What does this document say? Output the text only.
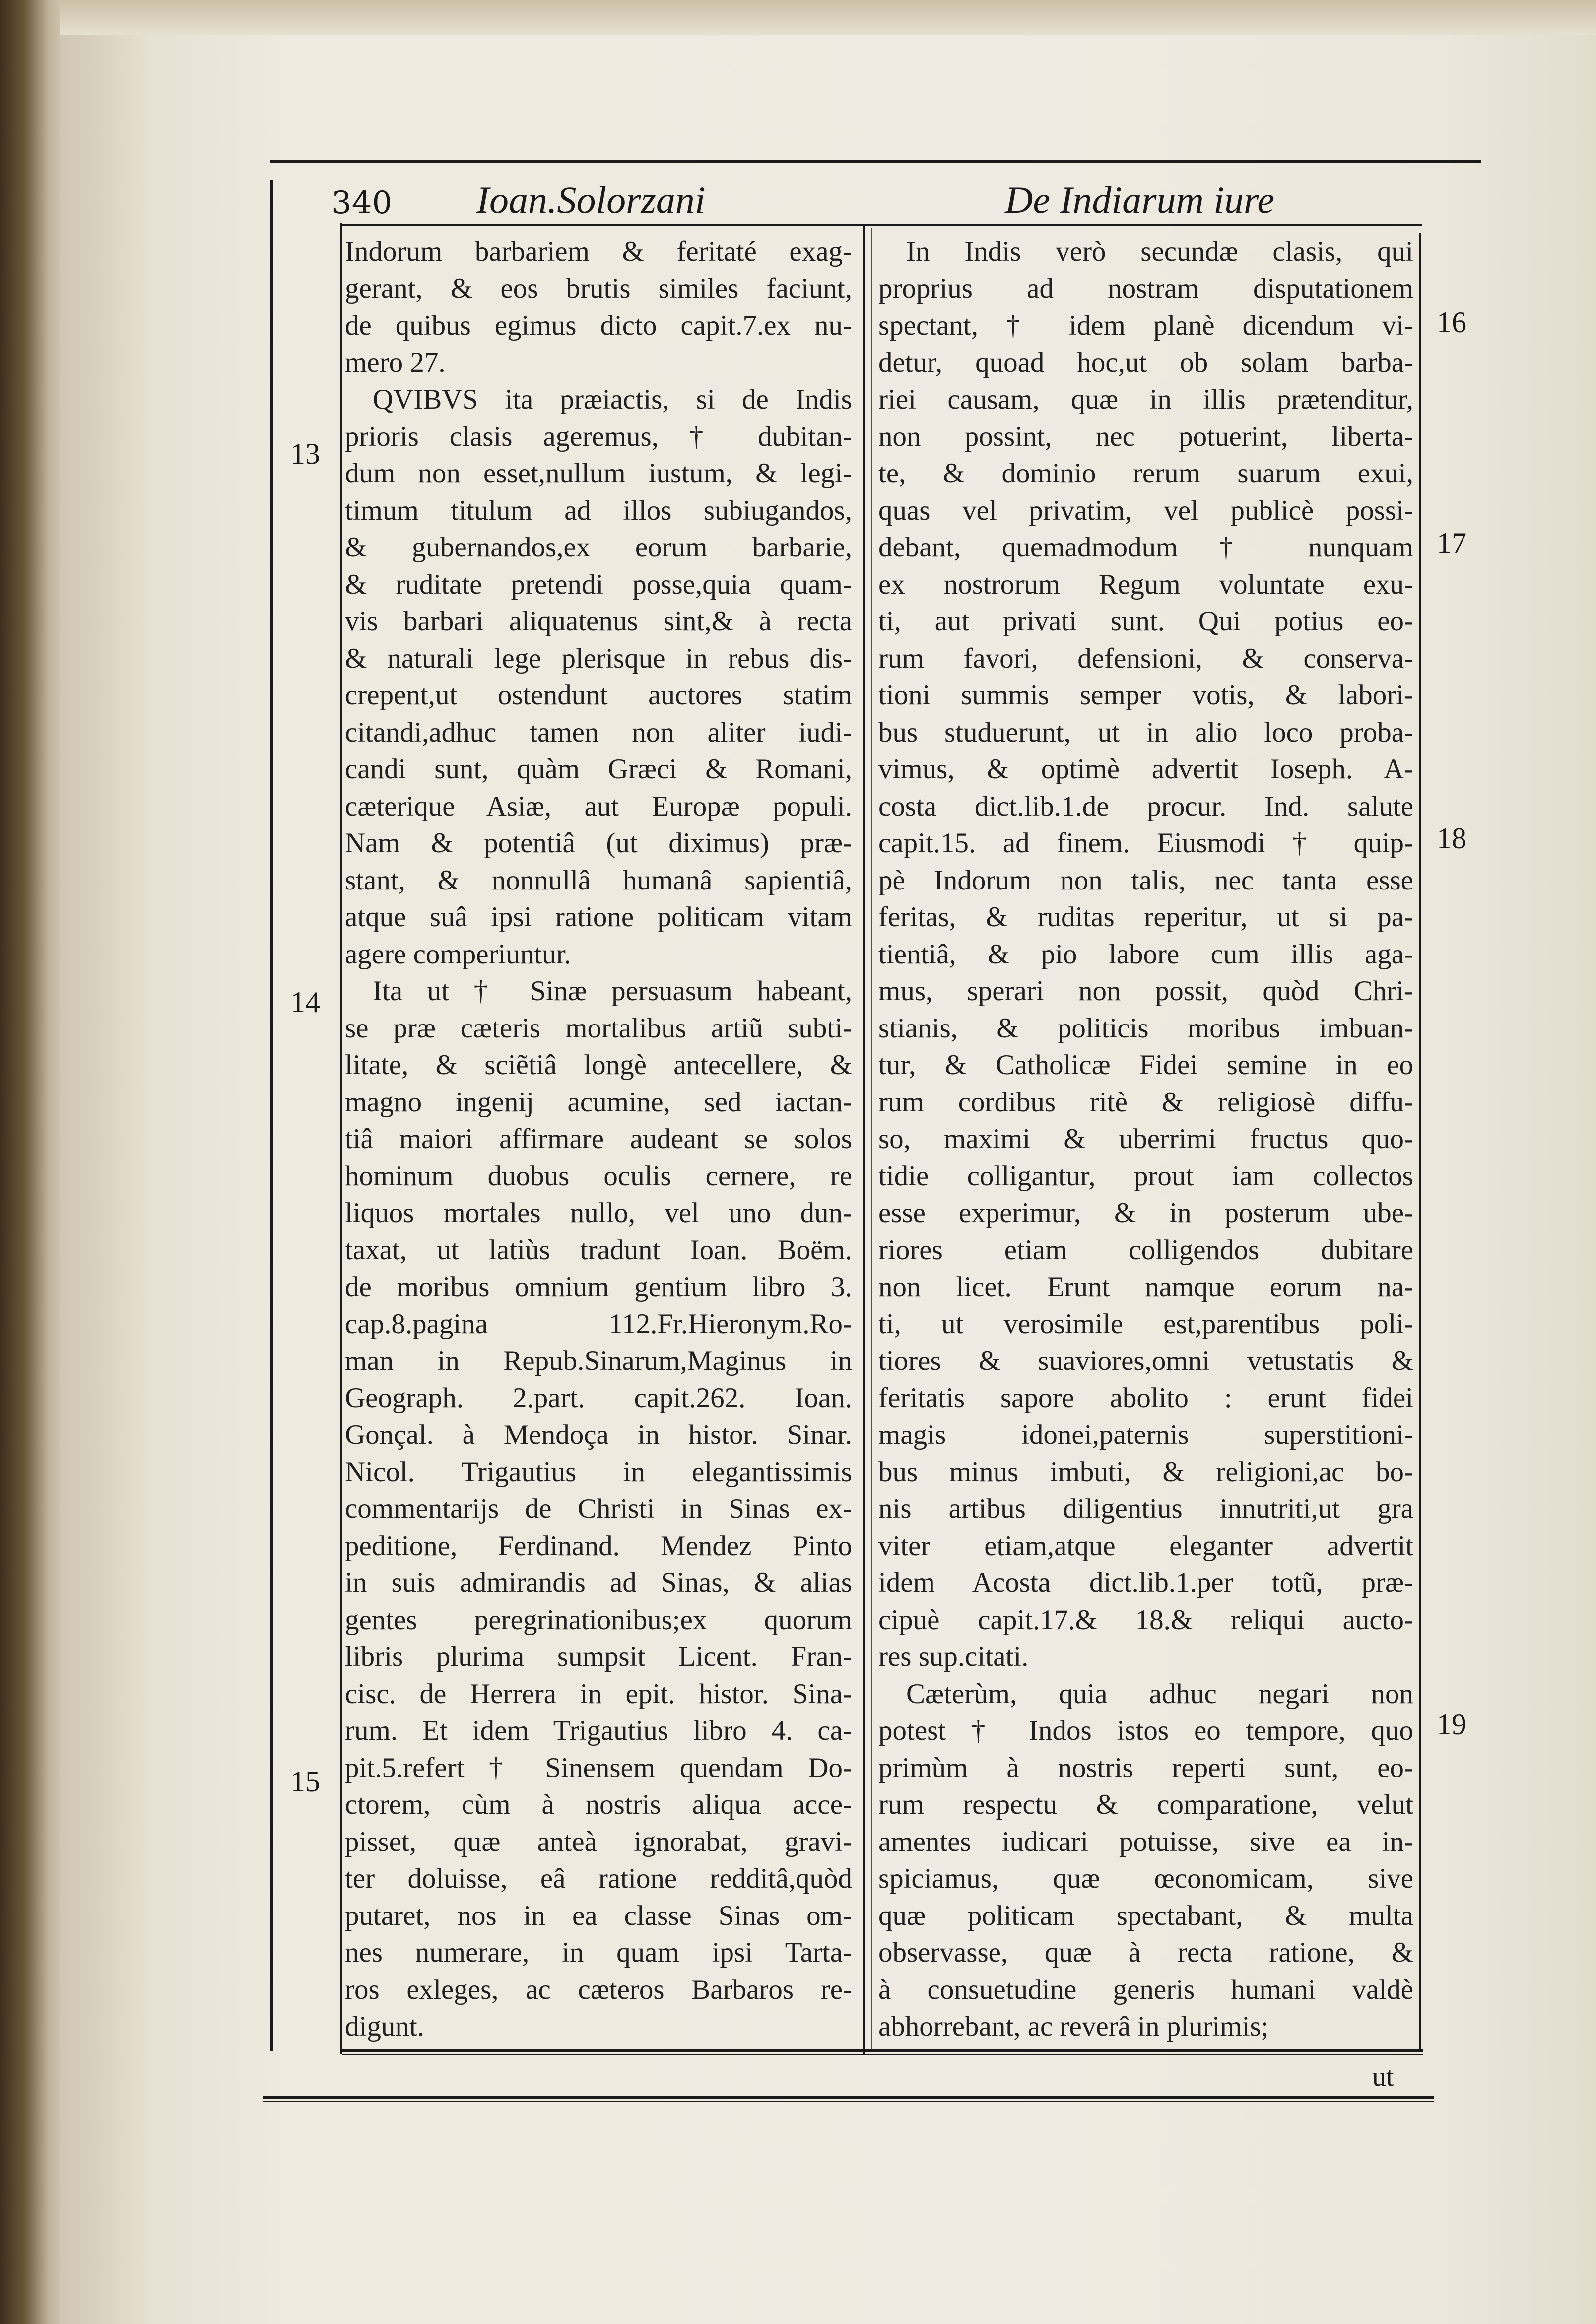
340 Ioan.Solorzani	De Indiarum iure
Indorum barbariem & feritaté exag-
gerant, & eos brutis similes faciunt,
de quibus egimus dicto capit.7.ex nu-
mero 27.
QVIBVS ita præiactis, si de Indis
prioris clasis ageremus, † dubitan-
dum non esset,nullum iustum, & legi-
timum titulum ad illos subiugandos,
& gubernandos,ex eorum barbarie,
& ruditate pretendi posse,quia quam-
vis barbari aliquatenus sint,& à recta
& naturali lege plerisque in rebus dis-
crepent,ut ostendunt auctores statim
citandi,adhuc tamen non aliter iudi-
candi sunt, quàm Græci & Romani,
cæterique Asiæ, aut Europæ populi.
Nam & potentiâ (ut diximus) præ-
stant, & nonnullâ humanâ sapientiâ,
atque suâ ipsi ratione politicam vitam
agere comperiuntur.
Ita ut † Sinæ persuasum habeant,
se præ cæteris mortalibus artiũ subti-
litate, & sciẽtiâ longè antecellere, &
magno ingenij acumine, sed iactan-
tiâ maiori affirmare audeant se solos
hominum duobus oculis cernere, re
liquos mortales nullo, vel uno dun-
taxat, ut latiùs tradunt Ioan. Boëm.
de moribus omnium gentium libro 3.
cap.8.pagina 112.Fr.Hieronym.Ro-
man in Repub.Sinarum,Maginus in
Geograph. 2.part. capit.262. Ioan.
Gonçal. à Mendoça in histor. Sinar.
Nicol. Trigautius in elegantissimis
commentarijs de Christi in Sinas ex-
peditione, Ferdinand. Mendez Pinto
in suis admirandis ad Sinas, & alias
gentes peregrinationibus;ex quorum
libris plurima sumpsit Licent. Fran-
cisc. de Herrera in epit. histor. Sina-
rum. Et idem Trigautius libro 4. ca-
pit.5.refert † Sinensem quendam Do-
ctorem, cùm à nostris aliqua acce-
pisset, quæ anteà ignorabat, gravi-
ter doluisse, eâ ratione redditâ,quòd
putaret, nos in ea classe Sinas om-
nes numerare, in quam ipsi Tarta-
ros exleges, ac cæteros Barbaros re-
digunt.
In Indis verò secundæ clasis, qui
proprius ad nostram disputationem
spectant, † idem planè dicendum vi-
detur, quoad hoc,ut ob solam barba-
riei causam, quæ in illis prætenditur,
non possint, nec potuerint, liberta-
te, & dominio rerum suarum exui,
quas vel privatim, vel publicè possi-
debant, quemadmodum † nunquam
ex nostrorum Regum voluntate exu-
ti, aut privati sunt. Qui potius eo-
rum favori, defensioni, & conserva-
tioni summis semper votis, & labori-
bus studuerunt, ut in alio loco proba-
vimus, & optimè advertit Ioseph. A-
costa dict.lib.1.de procur. Ind. salute
capit.15. ad finem. Eiusmodi † quip-
pè Indorum non talis, nec tanta esse
feritas, & ruditas reperitur, ut si pa-
tientiâ, & pio labore cum illis aga-
mus, sperari non possit, quòd Chri-
stianis, & politicis moribus imbuan-
tur, & Catholicæ Fidei semine in eo
rum cordibus ritè & religiosè diffu-
so, maximi & uberrimi fructus quo-
tidie colligantur, prout iam collectos
esse experimur, & in posterum ube-
riores etiam colligendos dubitare
non licet. Erunt namque eorum na-
ti, ut verosimile est,parentibus poli-
tiores & suaviores,omni vetustatis &
feritatis sapore abolito : erunt fidei
magis idonei,paternis superstitioni-
bus minus imbuti, & religioni,ac bo-
nis artibus diligentius innutriti,ut gra
viter etiam,atque eleganter advertit
idem Acosta dict.lib.1.per totũ, præ-
cipuè capit.17.& 18.& reliqui aucto-
res sup.citati.
Cæterùm, quia adhuc negari non
potest † Indos istos eo tempore, quo
primùm à nostris reperti sunt, eo-
rum respectu & comparatione, velut
amentes iudicari potuisse, sive ea in-
spiciamus, quæ œconomicam, sive
quæ politicam spectabant, & multa
observasse, quæ à recta ratione, &
à consuetudine generis humani valdè
abhorrebant, ac reverâ in plurimis;
13
14
15
16
17
18
19
ut
